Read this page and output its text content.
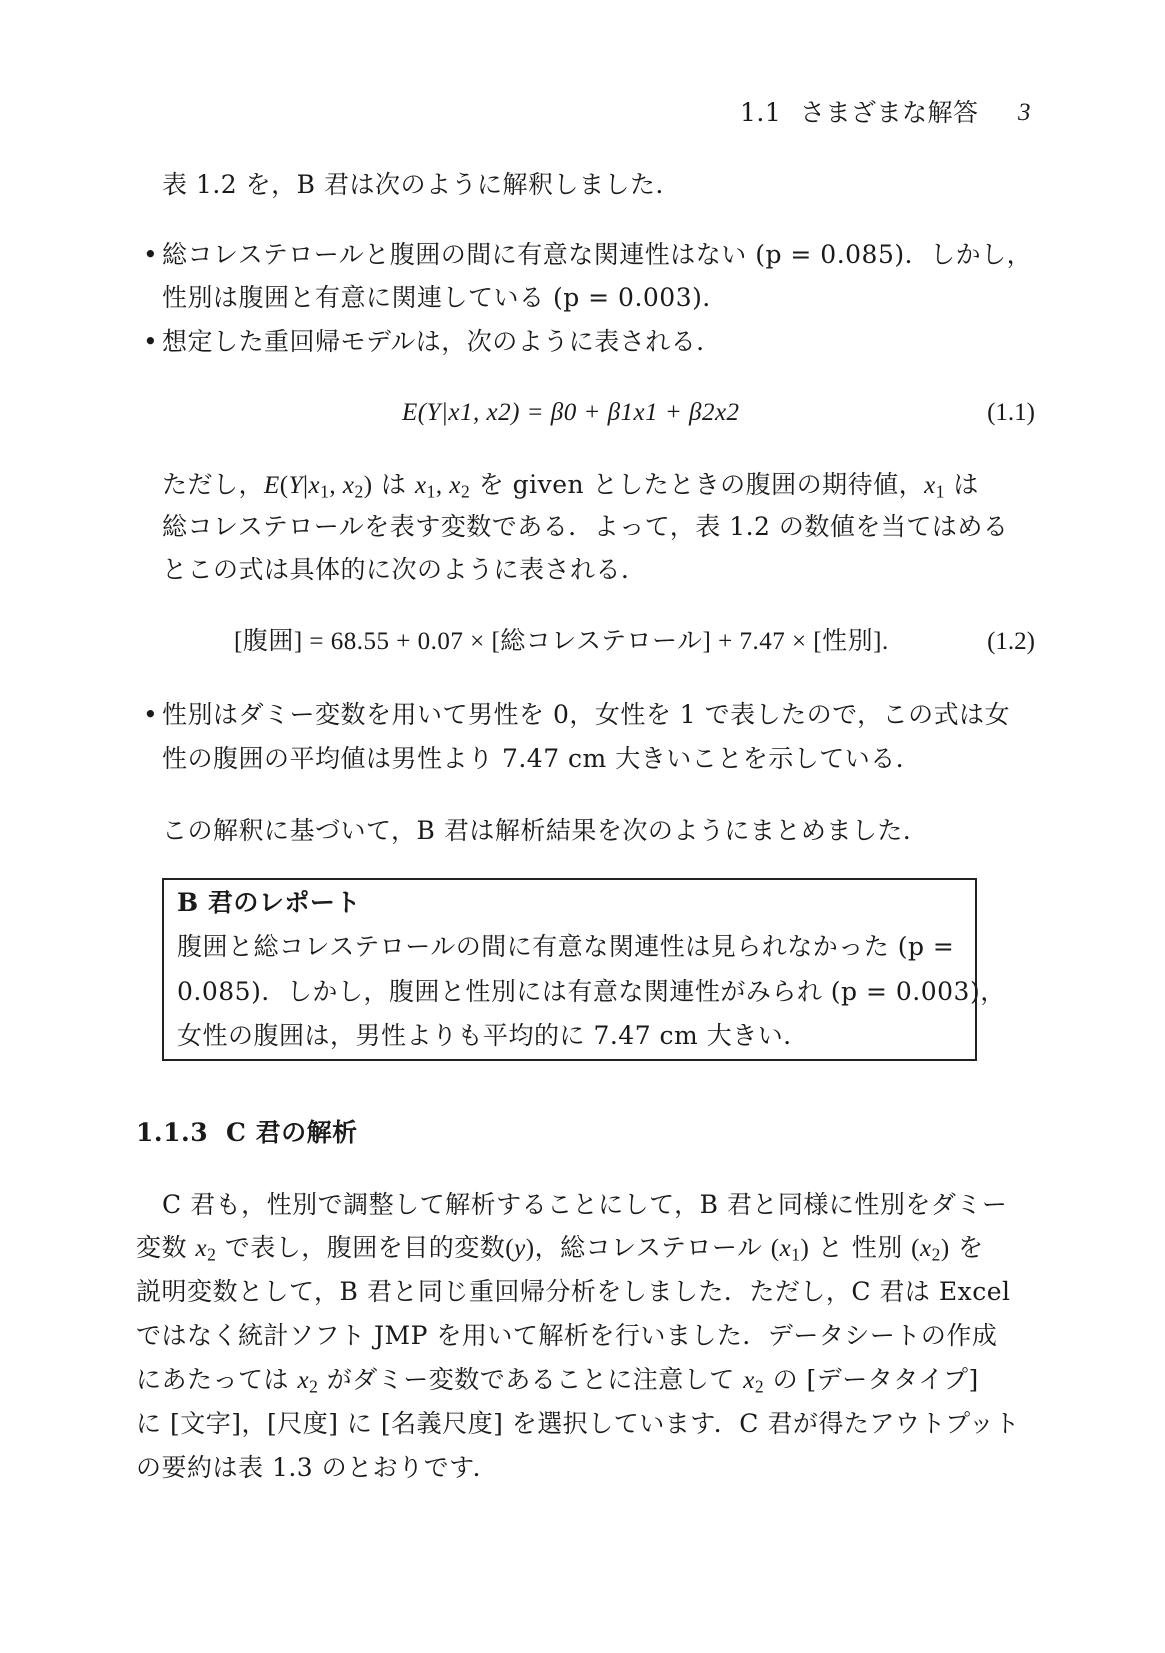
1.1 さまざまな解答 3
表 1.2 を，B 君は次のように解釈しました．
• 総コレステロールと腹囲の間に有意な関連性はない (p = 0.085)．しかし，
性別は腹囲と有意に関連している (p = 0.003)．
• 想定した重回帰モデルは，次のように表される．
E(Y|x1, x2) = β0 + β1x1 + β2x2	(1.1)
ただし，$E(Y|x_1$, $x_2$) は $x_1$, $x_2$ を given としたときの腹囲の期待値，$x_1$ は
総コレステロールを表す変数である．よって，表 1.2 の数値を当てはめる
とこの式は具体的に次のように表される．
[腹囲] = 68.55 + 0.07 × [総コレステロール] + 7.47 × [性別].	(1.2)
• 性別はダミー変数を用いて男性を 0，女性を 1 で表したので，この式は女
性の腹囲の平均値は男性より 7.47 cm 大きいことを示している．
この解釈に基づいて，B 君は解析結果を次のようにまとめました．
B 君のレポート
腹囲と総コレステロールの間に有意な関連性は見られなかった (p =
0.085)．しかし，腹囲と性別には有意な関連性がみられ (p = 0.003)，
女性の腹囲は，男性よりも平均的に 7.47 cm 大きい．
1.1.3 C 君の解析
C 君も，性別で調整して解析することにして，B 君と同様に性別をダミー
変数 $x_2$ で表し，腹囲を目的変数(y)，総コレステロール $(x_1)$ と 性別 $(x_2)$ を
説明変数として，B 君と同じ重回帰分析をしました．ただし，C 君は Excel
ではなく統計ソフト JMP を用いて解析を行いました．データシートの作成
にあたっては $x_2$ がダミー変数であることに注意して $x_2$ の [データタイプ]
に [文字]，[尺度] に [名義尺度] を選択しています．C 君が得たアウトプット
の要約は表 1.3 のとおりです．
